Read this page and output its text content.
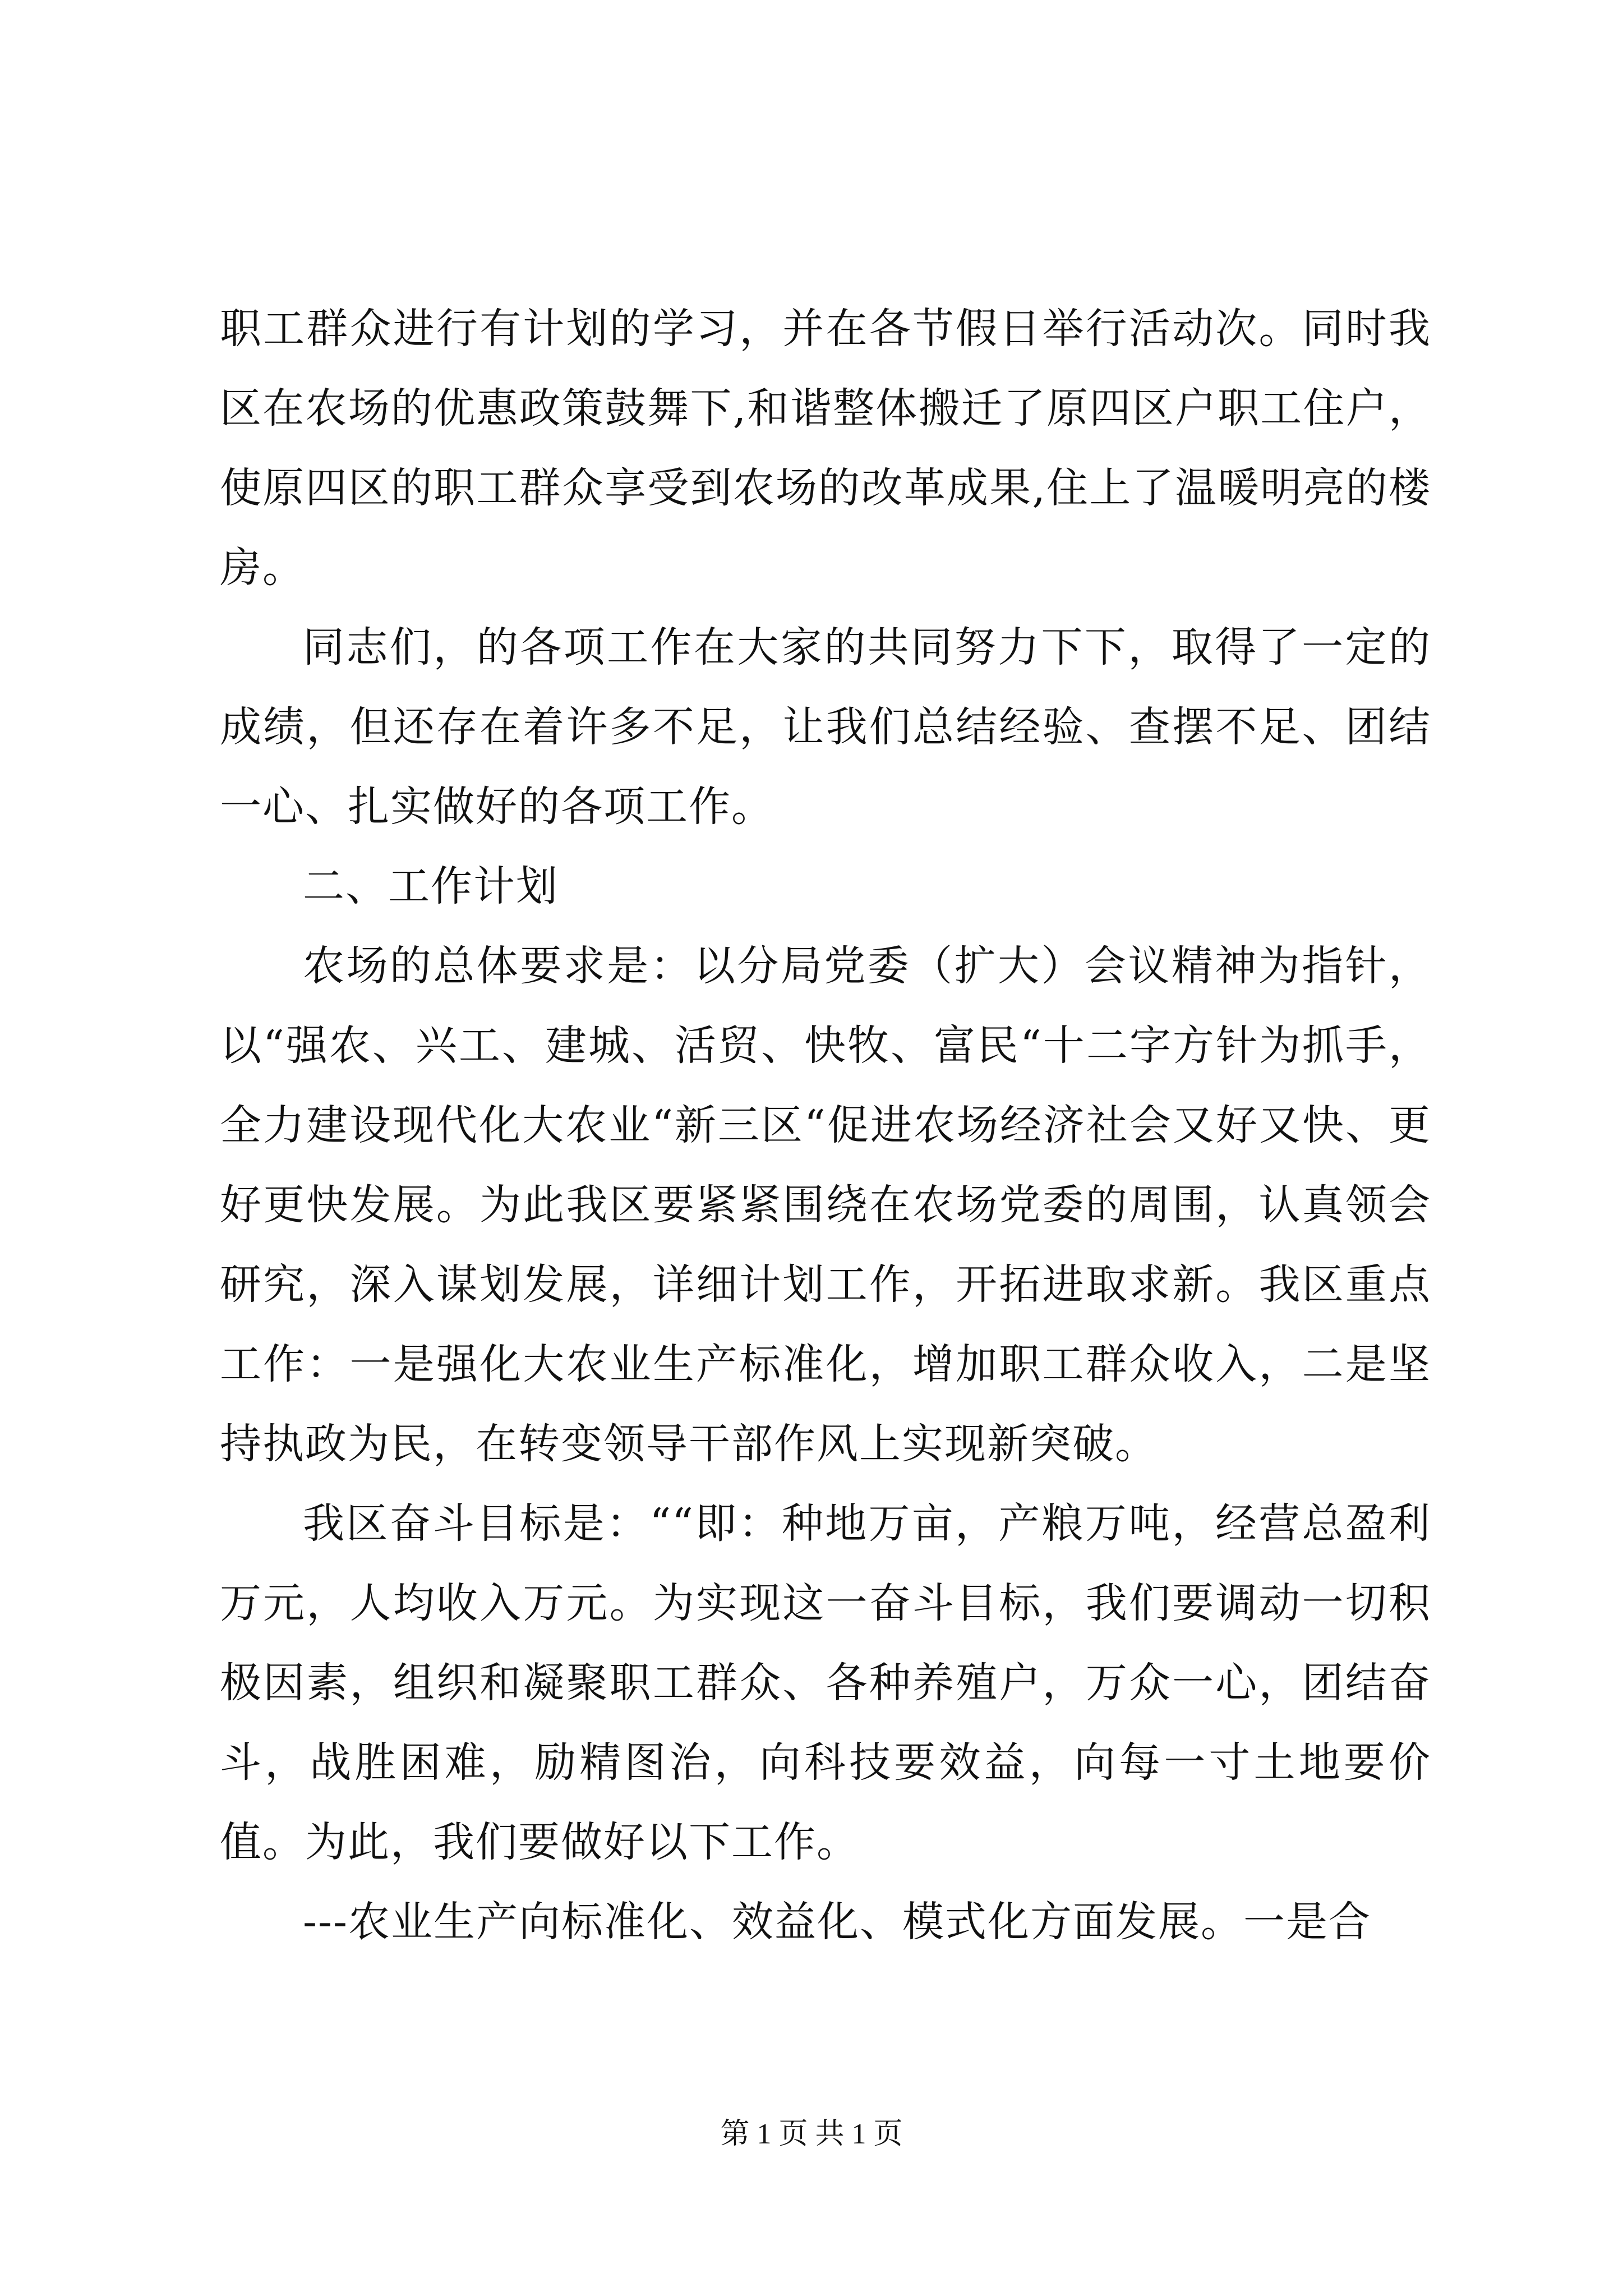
职工群众进行有计划的学习，并在各节假日举行活动次。同时我区在农场的优惠政策鼓舞下,和谐整体搬迁了原四区户职工住户，使原四区的职工群众享受到农场的改革成果,住上了温暖明亮的楼房。

同志们，的各项工作在大家的共同努力下下，取得了一定的成绩，但还存在着许多不足，让我们总结经验、查摆不足、团结一心、扎实做好的各项工作。

二、工作计划

农场的总体要求是：以分局党委（扩大）会议精神为指针，以“强农、兴工、建城、活贸、快牧、富民“十二字方针为抓手，全力建设现代化大农业“新三区“促进农场经济社会又好又快、更好更快发展。为此我区要紧紧围绕在农场党委的周围，认真领会研究，深入谋划发展，详细计划工作，开拓进取求新。我区重点工作：一是强化大农业生产标准化，增加职工群众收入，二是坚持执政为民，在转变领导干部作风上实现新突破。

我区奋斗目标是：““即：种地万亩，产粮万吨，经营总盈利万元，人均收入万元。为实现这一奋斗目标，我们要调动一切积极因素，组织和凝聚职工群众、各种养殖户，万众一心，团结奋斗，战胜困难，励精图治，向科技要效益，向每一寸土地要价值。为此，我们要做好以下工作。

---农业生产向标准化、效益化、模式化方面发展。一是合

第 1 页 共 1 页
